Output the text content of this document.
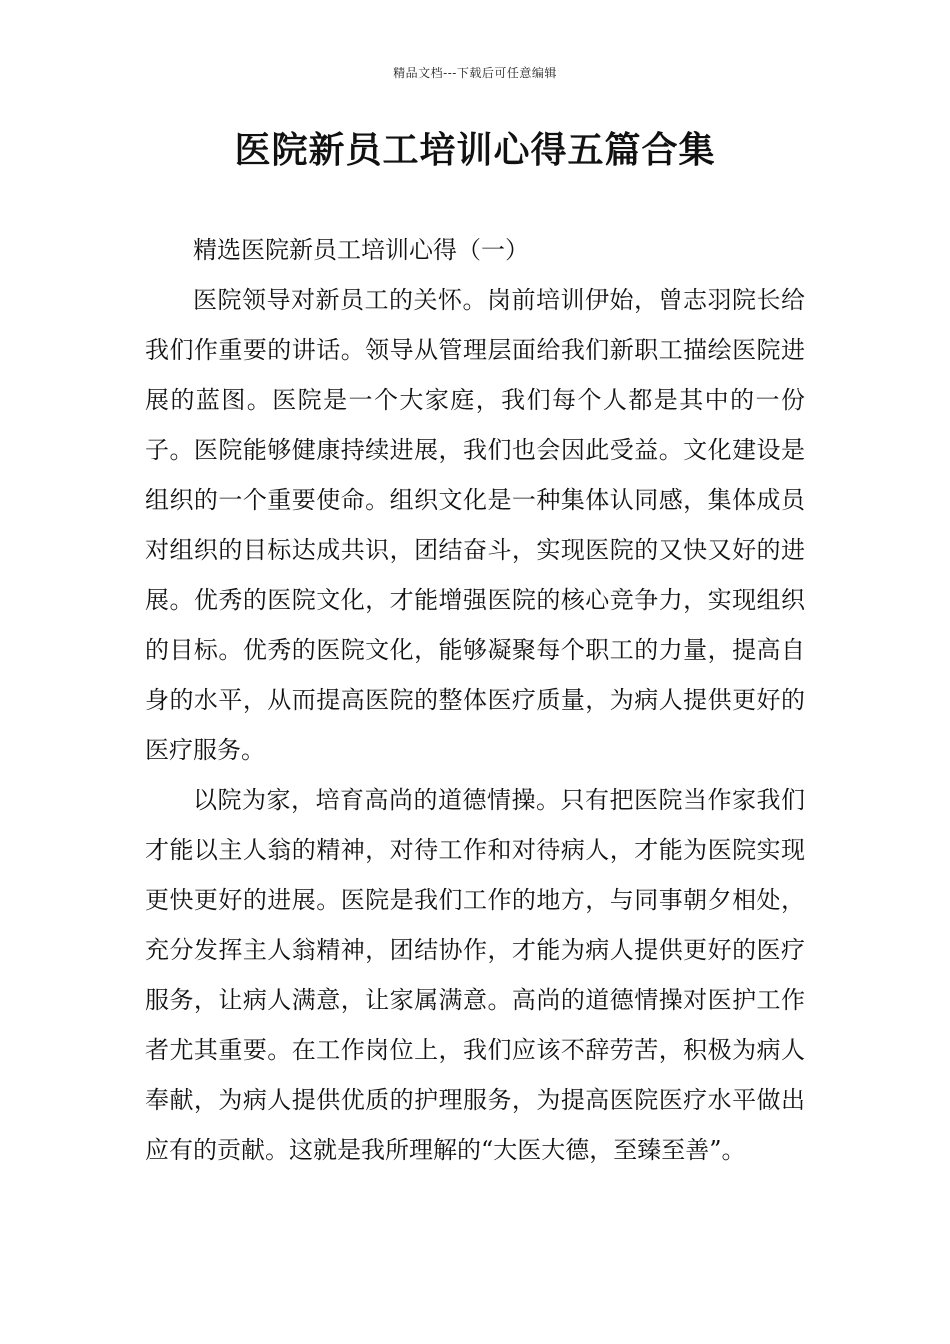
精品文档---下载后可任意编辑
医院新员工培训心得五篇合集

精选医院新员工培训心得（一）

医院领导对新员工的关怀。岗前培训伊始，曾志羽院长给我们作重要的讲话。领导从管理层面给我们新职工描绘医院进展的蓝图。医院是一个大家庭，我们每个人都是其中的一份子。医院能够健康持续进展，我们也会因此受益。文化建设是组织的一个重要使命。组织文化是一种集体认同感，集体成员对组织的目标达成共识，团结奋斗，实现医院的又快又好的进展。优秀的医院文化，才能增强医院的核心竞争力，实现组织的目标。优秀的医院文化，能够凝聚每个职工的力量，提高自身的水平，从而提高医院的整体医疗质量，为病人提供更好的医疗服务。

以院为家，培育高尚的道德情操。只有把医院当作家我们才能以主人翁的精神，对待工作和对待病人，才能为医院实现更快更好的进展。医院是我们工作的地方，与同事朝夕相处，充分发挥主人翁精神，团结协作，才能为病人提供更好的医疗服务，让病人满意，让家属满意。高尚的道德情操对医护工作者尤其重要。在工作岗位上，我们应该不辞劳苦，积极为病人奉献，为病人提供优质的护理服务，为提高医院医疗水平做出应有的贡献。这就是我所理解的“大医大德，至臻至善”。
